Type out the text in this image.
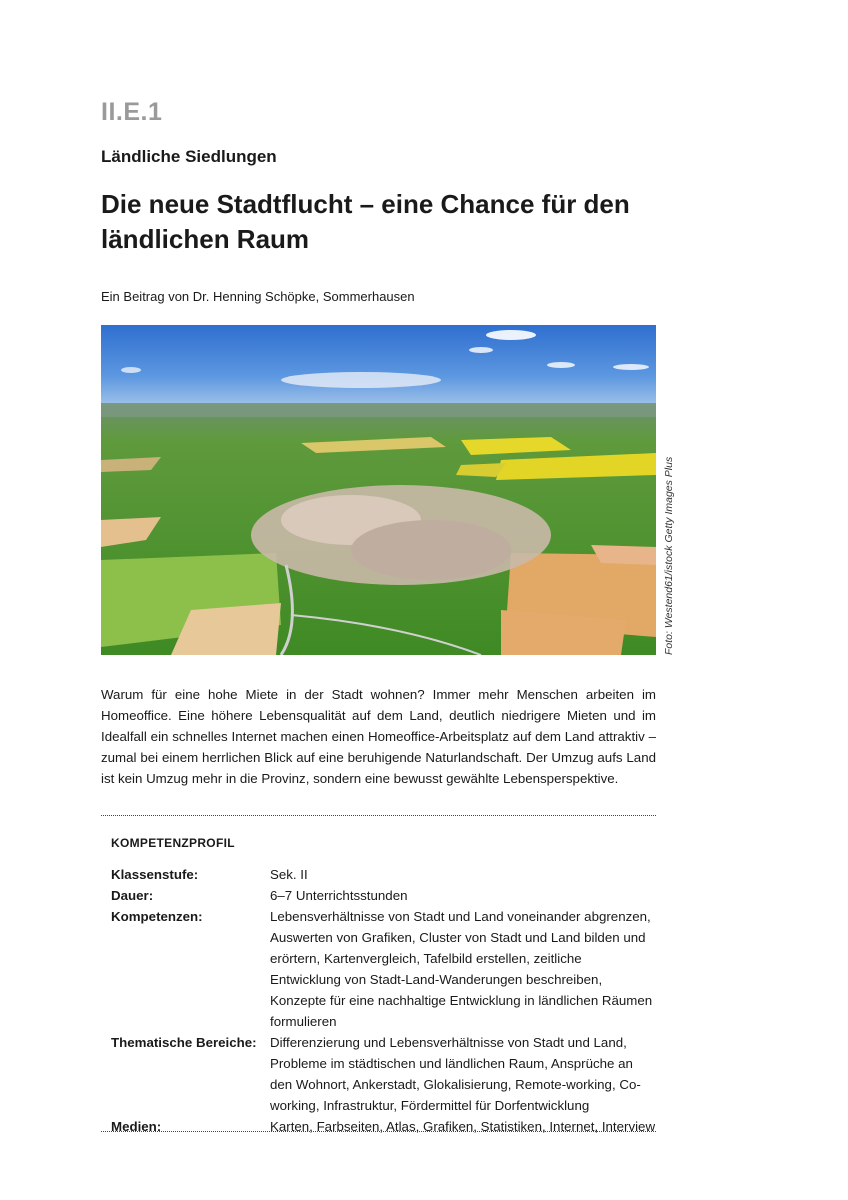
II.E.1
Ländliche Siedlungen
Die neue Stadtflucht – eine Chance für den ländlichen Raum
Ein Beitrag von Dr. Henning Schöpke, Sommerhausen
Foto: Westend61/istock Getty Images Plus

Warum für eine hohe Miete in der Stadt wohnen? Immer mehr Menschen arbeiten im Homeoffice. Eine höhere Lebensqualität auf dem Land, deutlich niedrigere Mieten und im Idealfall ein schnelles Internet machen einen Homeoffice-Arbeitsplatz auf dem Land attraktiv – zumal bei einem herrlichen Blick auf eine beruhigende Naturlandschaft. Der Umzug aufs Land ist kein Umzug mehr in die Provinz, sondern eine bewusst gewählte Lebensperspektive.

KOMPETENZPROFIL
Klassenstufe:	Sek. II
Dauer:	6–7 Unterrichtsstunden
Kompetenzen:	Lebensverhältnisse von Stadt und Land voneinander abgrenzen, Auswerten von Grafiken, Cluster von Stadt und Land bilden und erörtern, Kartenvergleich, Tafelbild erstellen, zeitliche Entwicklung von Stadt-Land-Wanderungen beschreiben, Konzepte für eine nachhaltige Entwicklung in ländlichen Räumen formulieren
Thematische Bereiche:	Differenzierung und Lebensverhältnisse von Stadt und Land, Probleme im städtischen und ländlichen Raum, Ansprüche an den Wohnort, Ankerstadt, Glokalisierung, Remote-working, Co-working, Infrastruktur, Fördermittel für Dorfentwicklung
Medien:	Karten, Farbseiten, Atlas, Grafiken, Statistiken, Internet, Interview
